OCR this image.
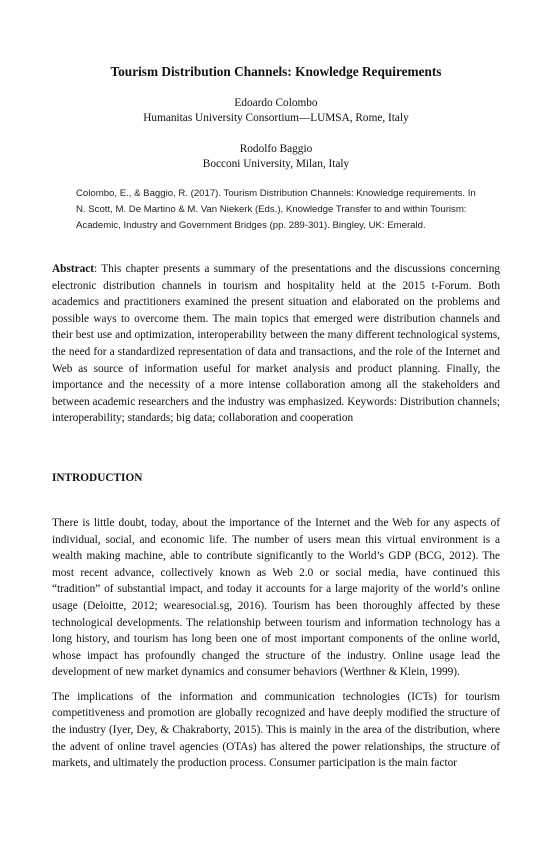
Tourism Distribution Channels: Knowledge Requirements
Edoardo Colombo
Humanitas University Consortium—LUMSA, Rome, Italy
Rodolfo Baggio
Bocconi University, Milan, Italy
Colombo, E., & Baggio, R. (2017). Tourism Distribution Channels: Knowledge requirements. In
N. Scott, M. De Martino & M. Van Niekerk (Eds.), Knowledge Transfer to and within Tourism:
Academic, Industry and Government Bridges (pp. 289-301). Bingley, UK: Emerald.
Abstract: This chapter presents a summary of the presentations and the discussions concerning electronic distribution channels in tourism and hospitality held at the 2015 t-Forum. Both academics and practitioners examined the present situation and elaborated on the problems and possible ways to overcome them. The main topics that emerged were distribution channels and their best use and optimization, interoperability between the many different technological systems, the need for a standardized representation of data and transactions, and the role of the Internet and Web as source of information useful for market analysis and product planning. Finally, the importance and the necessity of a more intense collaboration among all the stakeholders and between academic researchers and the industry was emphasized. Keywords: Distribution channels; interoperability; standards; big data; collaboration and cooperation
INTRODUCTION

There is little doubt, today, about the importance of the Internet and the Web for any aspects of individual, social, and economic life. The number of users mean this virtual environment is a wealth making machine, able to contribute significantly to the World’s GDP (BCG, 2012). The most recent advance, collectively known as Web 2.0 or social media, have continued this “tradition” of substantial impact, and today it accounts for a large majority of the world’s online usage (Deloitte, 2012; wearesocial.sg, 2016). Tourism has been thoroughly affected by these technological developments. The relationship between tourism and information technology has a long history, and tourism has long been one of most important components of the online world, whose impact has profoundly changed the structure of the industry. Online usage lead the development of new market dynamics and consumer behaviors (Werthner & Klein, 1999).

The implications of the information and communication technologies (ICTs) for tourism competitiveness and promotion are globally recognized and have deeply modified the structure of the industry (Iyer, Dey, & Chakraborty, 2015). This is mainly in the area of the distribution, where the advent of online travel agencies (OTAs) has altered the power relationships, the structure of markets, and ultimately the production process. Consumer participation is the main factor
